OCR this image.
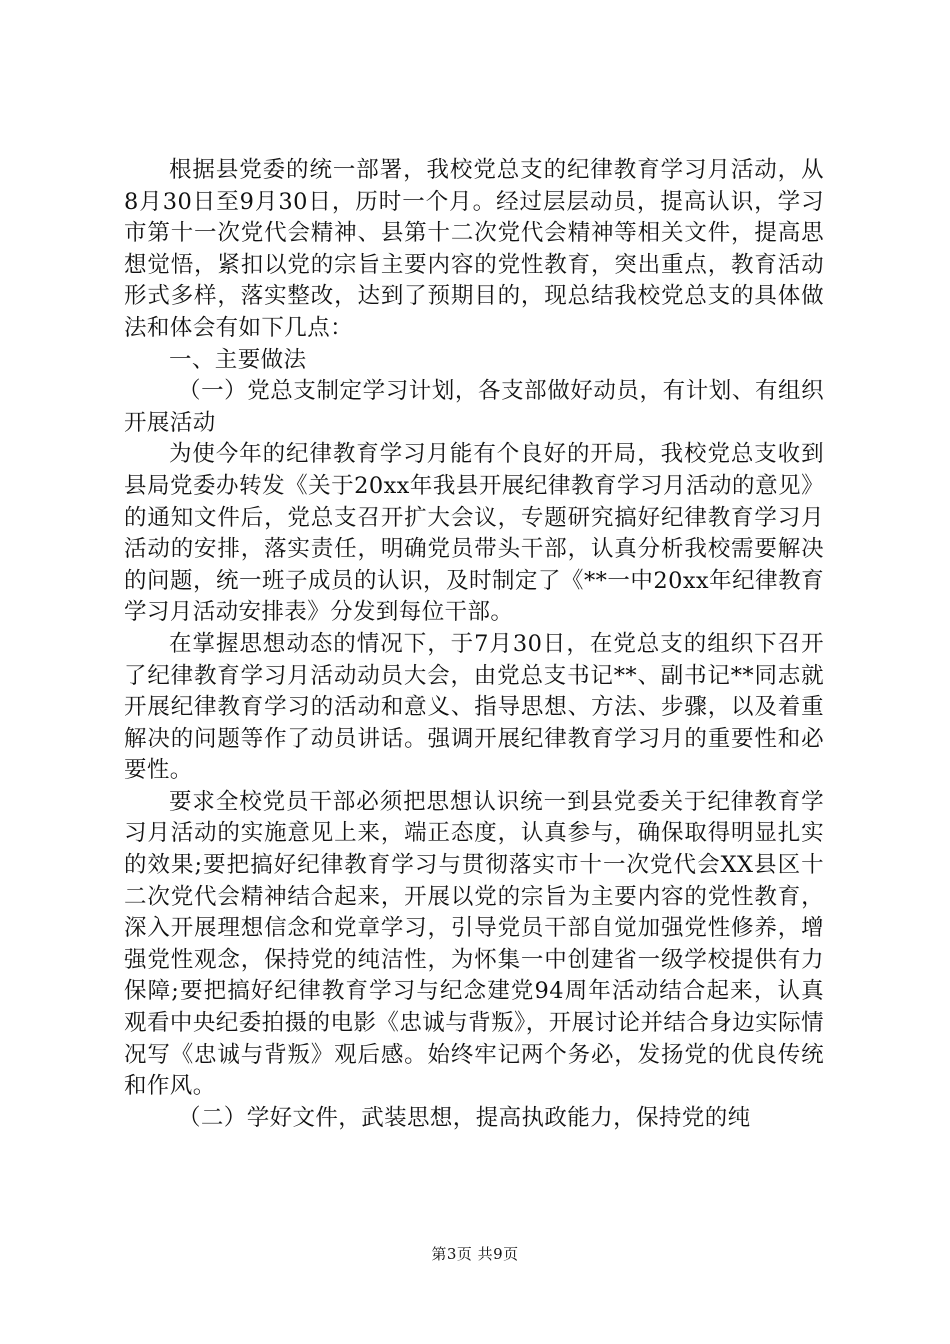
根据县党委的统一部署，我校党总支的纪律教育学习月活动，从8月30日至9月30日，历时一个月。经过层层动员，提高认识，学习市第十一次党代会精神、县第十二次党代会精神等相关文件，提高思想觉悟，紧扣以党的宗旨主要内容的党性教育，突出重点，教育活动形式多样，落实整改，达到了预期目的，现总结我校党总支的具体做法和体会有如下几点：

一、主要做法

（一）党总支制定学习计划，各支部做好动员，有计划、有组织开展活动

为使今年的纪律教育学习月能有个良好的开局，我校党总支收到县局党委办转发《关于20xx年我县开展纪律教育学习月活动的意见》的通知文件后，党总支召开扩大会议，专题研究搞好纪律教育学习月活动的安排，落实责任，明确党员带头干部，认真分析我校需要解决的问题，统一班子成员的认识，及时制定了《**一中20xx年纪律教育学习月活动安排表》分发到每位干部。

在掌握思想动态的情况下，于7月30日，在党总支的组织下召开了纪律教育学习月活动动员大会，由党总支书记**、副书记**同志就开展纪律教育学习的活动和意义、指导思想、方法、步骤，以及着重解决的问题等作了动员讲话。强调开展纪律教育学习月的重要性和必要性。

要求全校党员干部必须把思想认识统一到县党委关于纪律教育学习月活动的实施意见上来，端正态度，认真参与，确保取得明显扎实的效果;要把搞好纪律教育学习与贯彻落实市十一次党代会XX县区十二次党代会精神结合起来，开展以党的宗旨为主要内容的党性教育，深入开展理想信念和党章学习，引导党员干部自觉加强党性修养，增强党性观念，保持党的纯洁性，为怀集一中创建省一级学校提供有力保障;要把搞好纪律教育学习与纪念建党94周年活动结合起来，认真观看中央纪委拍摄的电影《忠诚与背叛》，开展讨论并结合身边实际情况写《忠诚与背叛》观后感。始终牢记两个务必，发扬党的优良传统和作风。

（二）学好文件，武装思想，提高执政能力，保持党的纯

第3页 共9页
